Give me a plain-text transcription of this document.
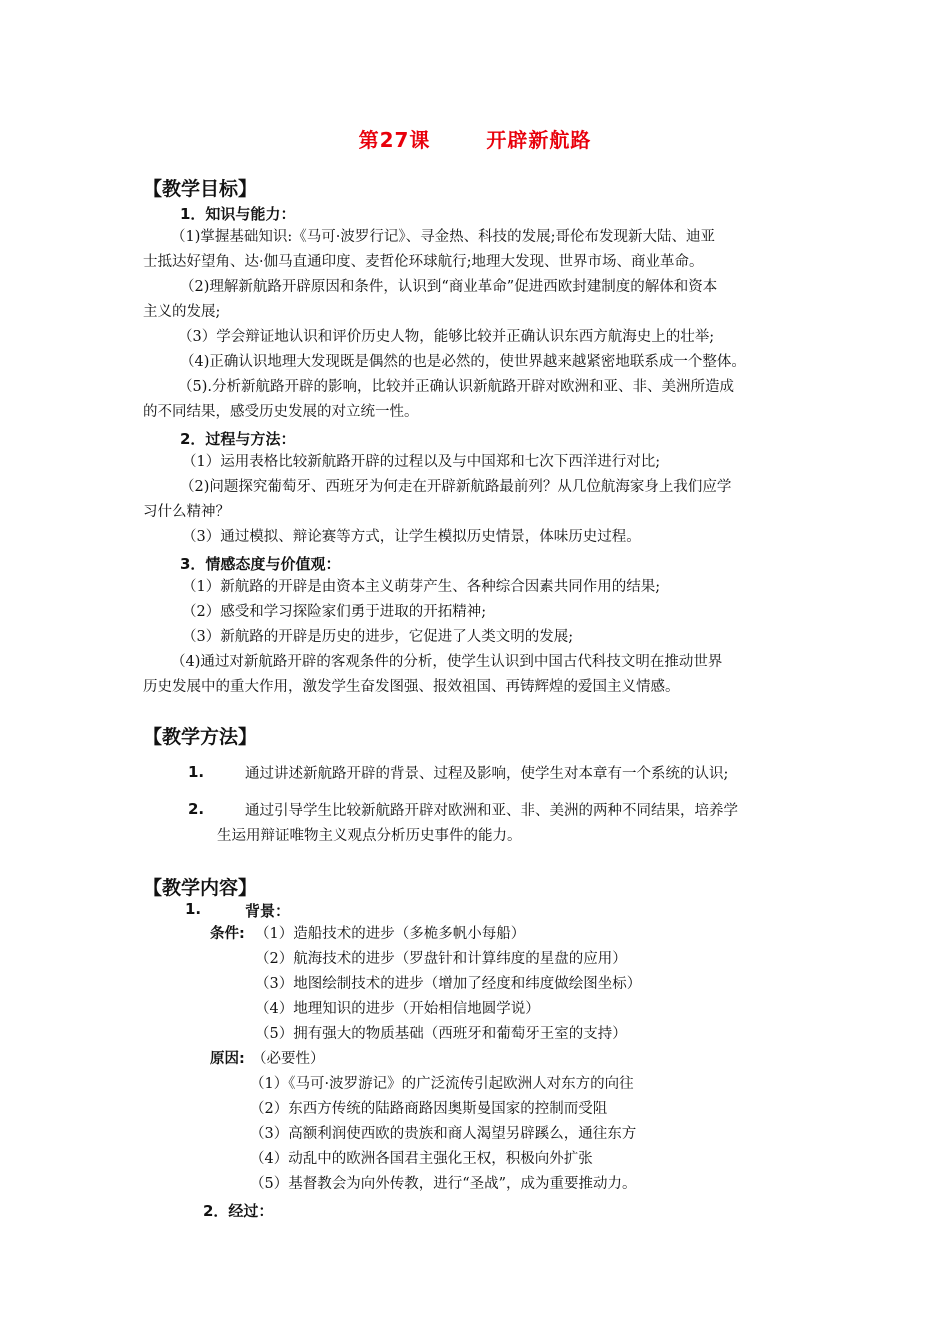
第27课	开辟新航路
【教学目标】
1．知识与能力：
（1)掌握基础知识:《马可·波罗行记》、寻金热、科技的发展;哥伦布发现新大陆、迪亚
士抵达好望角、达·伽马直通印度、麦哲伦环球航行;地理大发现、世界市场、商业革命。
（2)理解新航路开辟原因和条件，认识到“商业革命”促进西欧封建制度的解体和资本
主义的发展;
（3）学会辩证地认识和评价历史人物，能够比较并正确认识东西方航海史上的壮举;
（4)正确认识地理大发现既是偶然的也是必然的，使世界越来越紧密地联系成一个整体。
（5).分析新航路开辟的影响，比较并正确认识新航路开辟对欧洲和亚、非、美洲所造成
的不同结果，感受历史发展的对立统一性。
2．过程与方法：
（1）运用表格比较新航路开辟的过程以及与中国郑和七次下西洋进行对比;
（2)问题探究葡萄牙、西班牙为何走在开辟新航路最前列？从几位航海家身上我们应学
习什么精神？
（3）通过模拟、辩论赛等方式，让学生模拟历史情景，体味历史过程。
3．情感态度与价值观：
（1）新航路的开辟是由资本主义萌芽产生、各种综合因素共同作用的结果;
（2）感受和学习探险家们勇于进取的开拓精神;
（3）新航路的开辟是历史的进步，它促进了人类文明的发展;
（4)通过对新航路开辟的客观条件的分析，使学生认识到中国古代科技文明在推动世界
历史发展中的重大作用，激发学生奋发图强、报效祖国、再铸辉煌的爱国主义情感。
【教学方法】
1.	通过讲述新航路开辟的背景、过程及影响，使学生对本章有一个系统的认识;
2.	通过引导学生比较新航路开辟对欧洲和亚、非、美洲的两种不同结果，培养学
生运用辩证唯物主义观点分析历史事件的能力。
【教学内容】
1.	背景：
条件: （1）造船技术的进步（多桅多帆小每船）
（2）航海技术的进步（罗盘针和计算纬度的星盘的应用）
（3）地图绘制技术的进步（增加了经度和纬度做绘图坐标）
（4）地理知识的进步（开始相信地圆学说）
（5）拥有强大的物质基础（西班牙和葡萄牙王室的支持）
原因: （必要性）
（1）《马可·波罗游记》的广泛流传引起欧洲人对东方的向往
（2）东西方传统的陆路商路因奥斯曼国家的控制而受阻
（3）高额利润使西欧的贵族和商人渴望另辟蹊么，通往东方
（4）动乱中的欧洲各国君主强化王权，积极向外扩张
（5）基督教会为向外传教，进行“圣战”，成为重要推动力。
2．经过：
